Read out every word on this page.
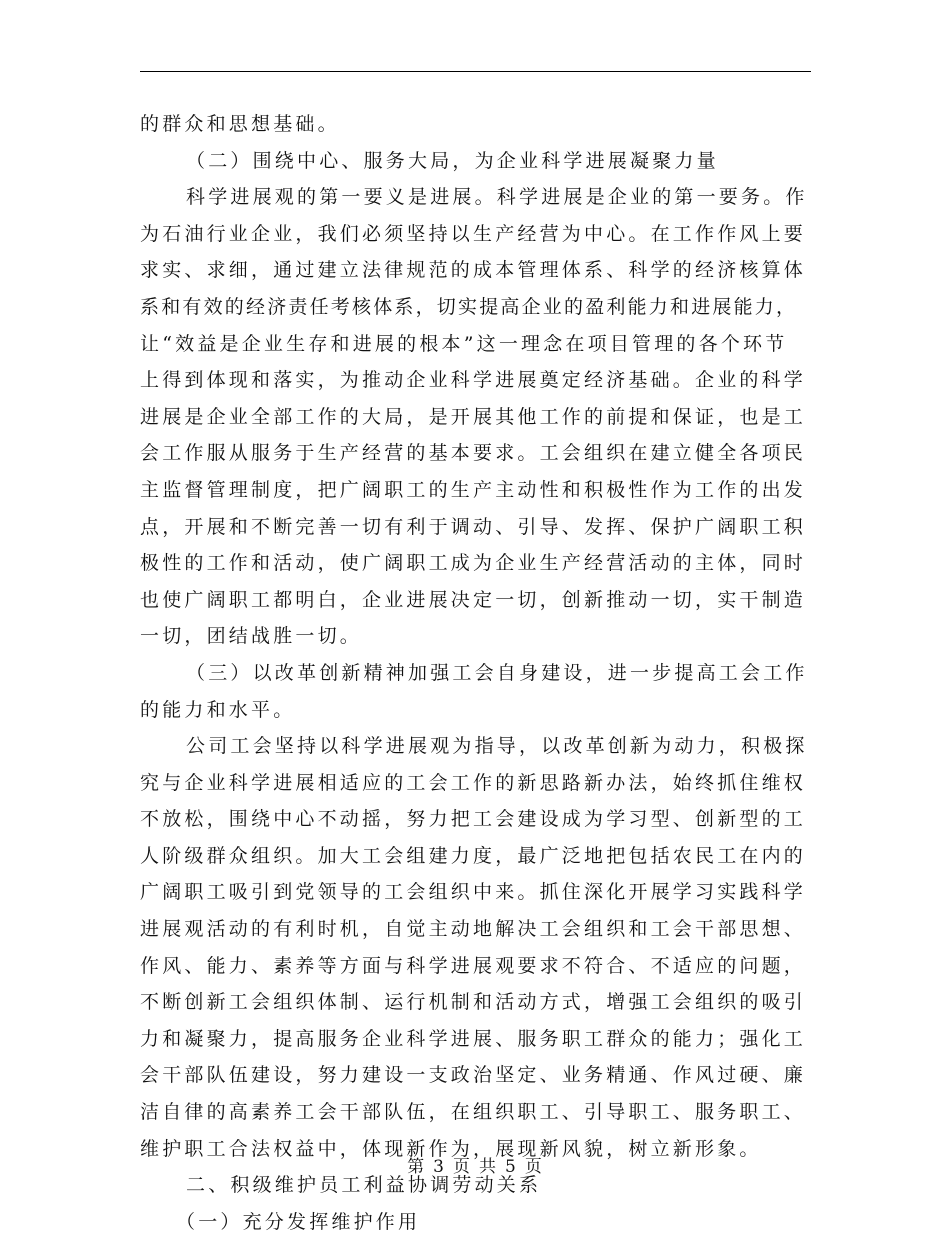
的群众和思想基础。
（二）围绕中心、服务大局，为企业科学进展凝聚力量
科学进展观的第一要义是进展。科学进展是企业的第一要务。作
为石油行业企业，我们必须坚持以生产经营为中心。在工作作风上要
求实、求细，通过建立法律规范的成本管理体系、科学的经济核算体
系和有效的经济责任考核体系，切实提高企业的盈利能力和进展能力，
让“效益是企业生存和进展的根本”这一理念在项目管理的各个环节
上得到体现和落实，为推动企业科学进展奠定经济基础。企业的科学
进展是企业全部工作的大局，是开展其他工作的前提和保证，也是工
会工作服从服务于生产经营的基本要求。工会组织在建立健全各项民
主监督管理制度，把广阔职工的生产主动性和积极性作为工作的出发
点，开展和不断完善一切有利于调动、引导、发挥、保护广阔职工积
极性的工作和活动，使广阔职工成为企业生产经营活动的主体，同时
也使广阔职工都明白，企业进展决定一切，创新推动一切，实干制造
一切，团结战胜一切。
（三）以改革创新精神加强工会自身建设，进一步提高工会工作
的能力和水平。
公司工会坚持以科学进展观为指导，以改革创新为动力，积极探
究与企业科学进展相适应的工会工作的新思路新办法，始终抓住维权
不放松，围绕中心不动摇，努力把工会建设成为学习型、创新型的工
人阶级群众组织。加大工会组建力度，最广泛地把包括农民工在内的
广阔职工吸引到党领导的工会组织中来。抓住深化开展学习实践科学
进展观活动的有利时机，自觉主动地解决工会组织和工会干部思想、
作风、能力、素养等方面与科学进展观要求不符合、不适应的问题，
不断创新工会组织体制、运行机制和活动方式，增强工会组织的吸引
力和凝聚力，提高服务企业科学进展、服务职工群众的能力；强化工
会干部队伍建设，努力建设一支政治坚定、业务精通、作风过硬、廉
洁自律的高素养工会干部队伍，在组织职工、引导职工、服务职工、
维护职工合法权益中，体现新作为，展现新风貌，树立新形象。
二、积级维护员工利益协调劳动关系
（一）充分发挥维护作用
第 3 页 共 5 页
